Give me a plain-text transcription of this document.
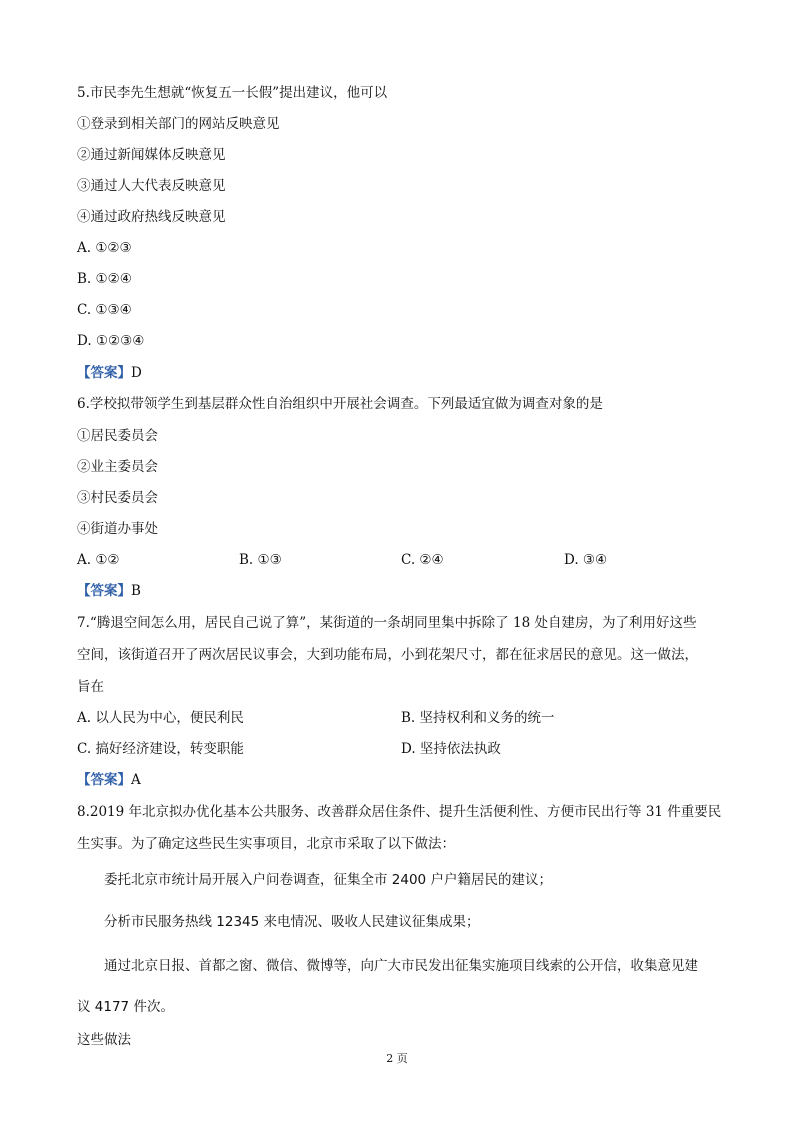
5.市民李先生想就“恢复五一长假”提出建议，他可以
①登录到相关部门的网站反映意见
②通过新闻媒体反映意见
③通过人大代表反映意见
④通过政府热线反映意见
A. ①②③
B. ①②④
C. ①③④
D. ①②③④
【答案】D
6.学校拟带领学生到基层群众性自治组织中开展社会调查。下列最适宜做为调查对象的是
①居民委员会
②业主委员会
③村民委员会
④街道办事处
A. ①②	B. ①③	C. ②④	D. ③④
【答案】B
7.“腾退空间怎么用，居民自己说了算”，某街道的一条胡同里集中拆除了 18 处自建房，为了利用好这些
空间，该街道召开了两次居民议事会，大到功能布局，小到花架尺寸，都在征求居民的意见。这一做法，
旨在
A. 以人民为中心，便民利民	B. 坚持权利和义务的统一
C. 搞好经济建设，转变职能	D. 坚持依法执政
【答案】A
8.2019 年北京拟办优化基本公共服务、改善群众居住条件、提升生活便利性、方便市民出行等 31 件重要民
生实事。为了确定这些民生实事项目，北京市采取了以下做法：
委托北京市统计局开展入户问卷调查，征集全市 2400 户户籍居民的建议；
分析市民服务热线 12345 来电情况、吸收人民建议征集成果；
通过北京日报、首都之窗、微信、微博等，向广大市民发出征集实施项目线索的公开信，收集意见建
议 4177 件次。
这些做法
2 页
